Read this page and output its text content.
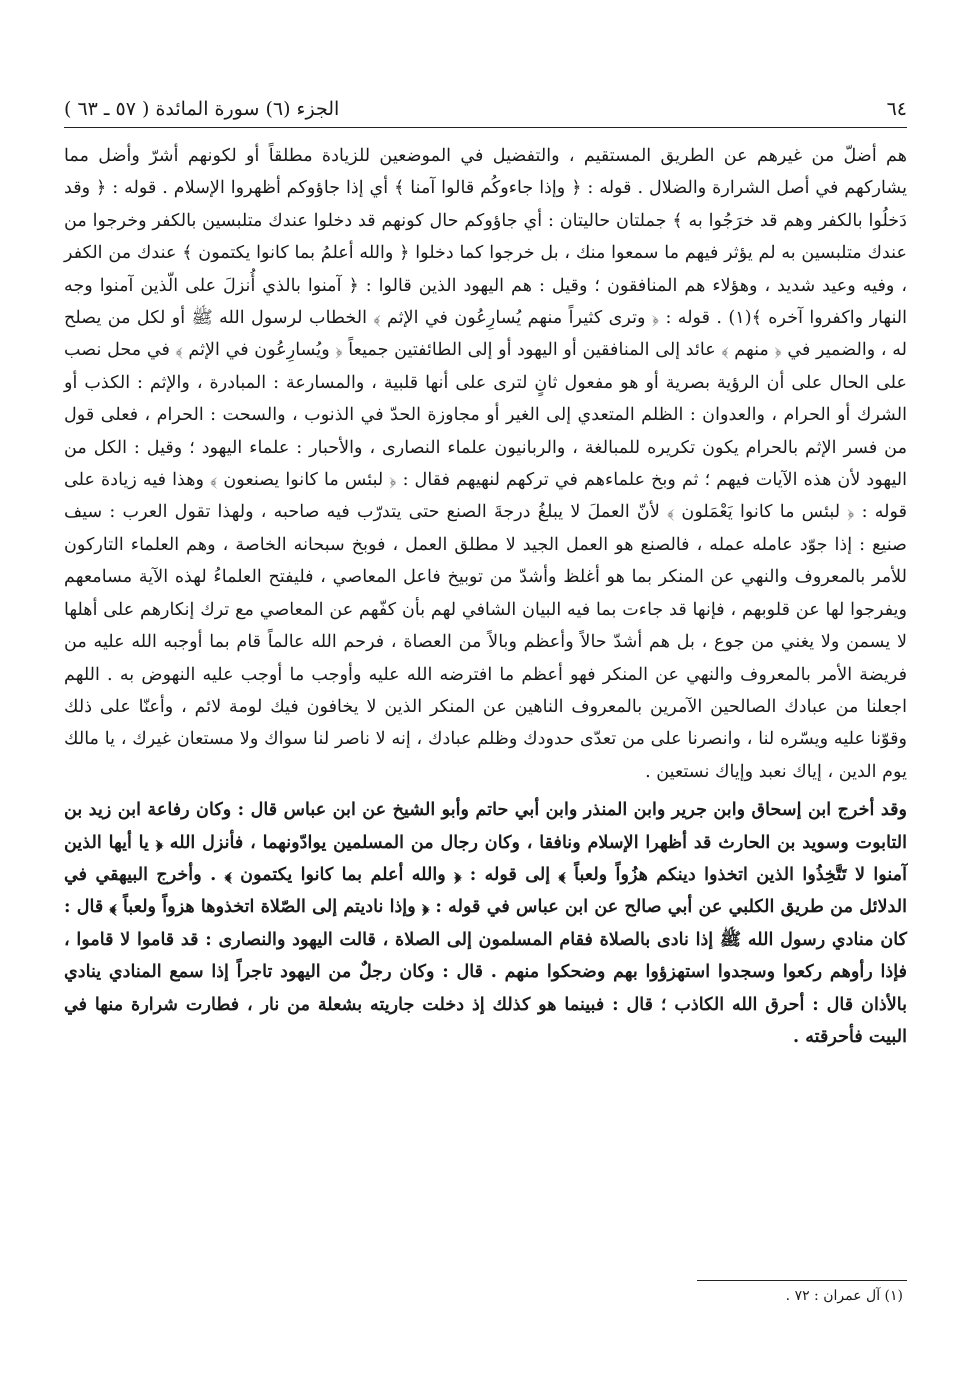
٦٤
الجزء (٦) سورة المائدة ( ٥٧ ـ ٦٣ )

هم أضلّ من غيرهم عن الطريق المستقيم ، والتفضيل في الموضعين للزيادة مطلقاً أو لكونهم أشرّ وأضل مما يشاركهم في أصل الشرارة والضلال . قوله : ﴿ وإذا جاءوكُم قالوا آمنا ﴾ أي إذا جاؤوكم أظهروا الإسلام . قوله : ﴿ وقد دَخلُوا بالكفر وهم قد خرَجُوا به ﴾ جملتان حاليتان : أي جاؤوكم حال كونهم قد دخلوا عندك متلبسين بالكفر وخرجوا من عندك متلبسين به لم يؤثر فيهم ما سمعوا منك ، بل خرجوا كما دخلوا ﴿ والله أعلمُ بما كانوا يكتمون ﴾ عندك من الكفر ، وفيه وعيد شديد ، وهؤلاء هم المنافقون ؛ وقيل : هم اليهود الذين قالوا : ﴿ آمنوا بالذي أُنزلَ على الّذين آمنوا وجه النهار واكفروا آخره ﴾(١) . قوله : ﴿ وترى كثيراً منهم يُسارِعُون في الإثم ﴾ الخطاب لرسول الله ﷺ أو لكل من يصلح له ، والضمير في ﴿ منهم ﴾ عائد إلى المنافقين أو اليهود أو إلى الطائفتين جميعاً ﴿ ويُسارِعُون في الإثم ﴾ في محل نصب على الحال على أن الرؤية بصرية أو هو مفعول ثانٍ لترى على أنها قلبية ، والمسارعة : المبادرة ، والإثم : الكذب أو الشرك أو الحرام ، والعدوان : الظلم المتعدي إلى الغير أو مجاوزة الحدّ في الذنوب ، والسحت : الحرام ، فعلى قول من فسر الإثم بالحرام يكون تكريره للمبالغة ، والربانيون علماء النصارى ، والأحبار : علماء اليهود ؛ وقيل : الكل من اليهود لأن هذه الآيات فيهم ؛ ثم وبخ علماءهم في تركهم لنهيهم فقال : ﴿ لبئس ما كانوا يصنعون ﴾ وهذا فيه زيادة على قوله : ﴿ لبئس ما كانوا يَعْمَلون ﴾ لأنّ العملَ لا يبلغُ درجةَ الصنع حتى يتدرّب فيه صاحبه ، ولهذا تقول العرب : سيف صنيع : إذا جوّد عامله عمله ، فالصنع هو العمل الجيد لا مطلق العمل ، فوبخ سبحانه الخاصة ، وهم العلماء التاركون للأمر بالمعروف والنهي عن المنكر بما هو أغلظ وأشدّ من توبيخ فاعل المعاصي ، فليفتح العلماءُ لهذه الآية مسامعهم ويفرجوا لها عن قلوبهم ، فإنها قد جاءت بما فيه البيان الشافي لهم بأن كفّهم عن المعاصي مع ترك إنكارهم على أهلها لا يسمن ولا يغني من جوع ، بل هم أشدّ حالاً وأعظم وبالاً من العصاة ، فرحم الله عالماً قام بما أوجبه الله عليه من فريضة الأمر بالمعروف والنهي عن المنكر فهو أعظم ما افترضه الله عليه وأوجب ما أوجب عليه النهوض به . اللهم اجعلنا من عبادك الصالحين الآمرين بالمعروف الناهين عن المنكر الذين لا يخافون فيك لومة لائم ، وأعنّا على ذلك وقوّنا عليه ويسّره لنا ، وانصرنا على من تعدّى حدودك وظلم عبادك ، إنه لا ناصر لنا سواك ولا مستعان غيرك ، يا مالك يوم الدين ، إياك نعبد وإياك نستعين .

وقد أخرج ابن إسحاق وابن جرير وابن المنذر وابن أبي حاتم وأبو الشيخ عن ابن عباس قال : وكان رفاعة ابن زيد بن التابوت وسويد بن الحارث قد أظهرا الإسلام ونافقا ، وكان رجال من المسلمين يوادّونهما ، فأنزل الله ﴿ يا أيها الذين آمنوا لا تَتَّخِذُوا الذين اتخذوا دينكم هزُواً ولعباً ﴾ إلى قوله : ﴿ والله أعلم بما كانوا يكتمون ﴾ . وأخرج البيهقي في الدلائل من طريق الكلبي عن أبي صالح عن ابن عباس في قوله : ﴿ وإذا ناديتم إلى الصّلاة اتخذوها هزواً ولعباً ﴾ قال : كان منادي رسول الله ﷺ إذا نادى بالصلاة فقام المسلمون إلى الصلاة ، قالت اليهود والنصارى : قد قاموا لا قاموا ، فإذا رأوهم ركعوا وسجدوا استهزؤوا بهم وضحكوا منهم . قال : وكان رجلٌ من اليهود تاجراً إذا سمع المنادي ينادي بالأذان قال : أحرق الله الكاذب ؛ قال : فبينما هو كذلك إذ دخلت جاريته بشعلة من نار ، فطارت شرارة منها في البيت فأحرقته .

(١) آل عمران : ٧٢ .
